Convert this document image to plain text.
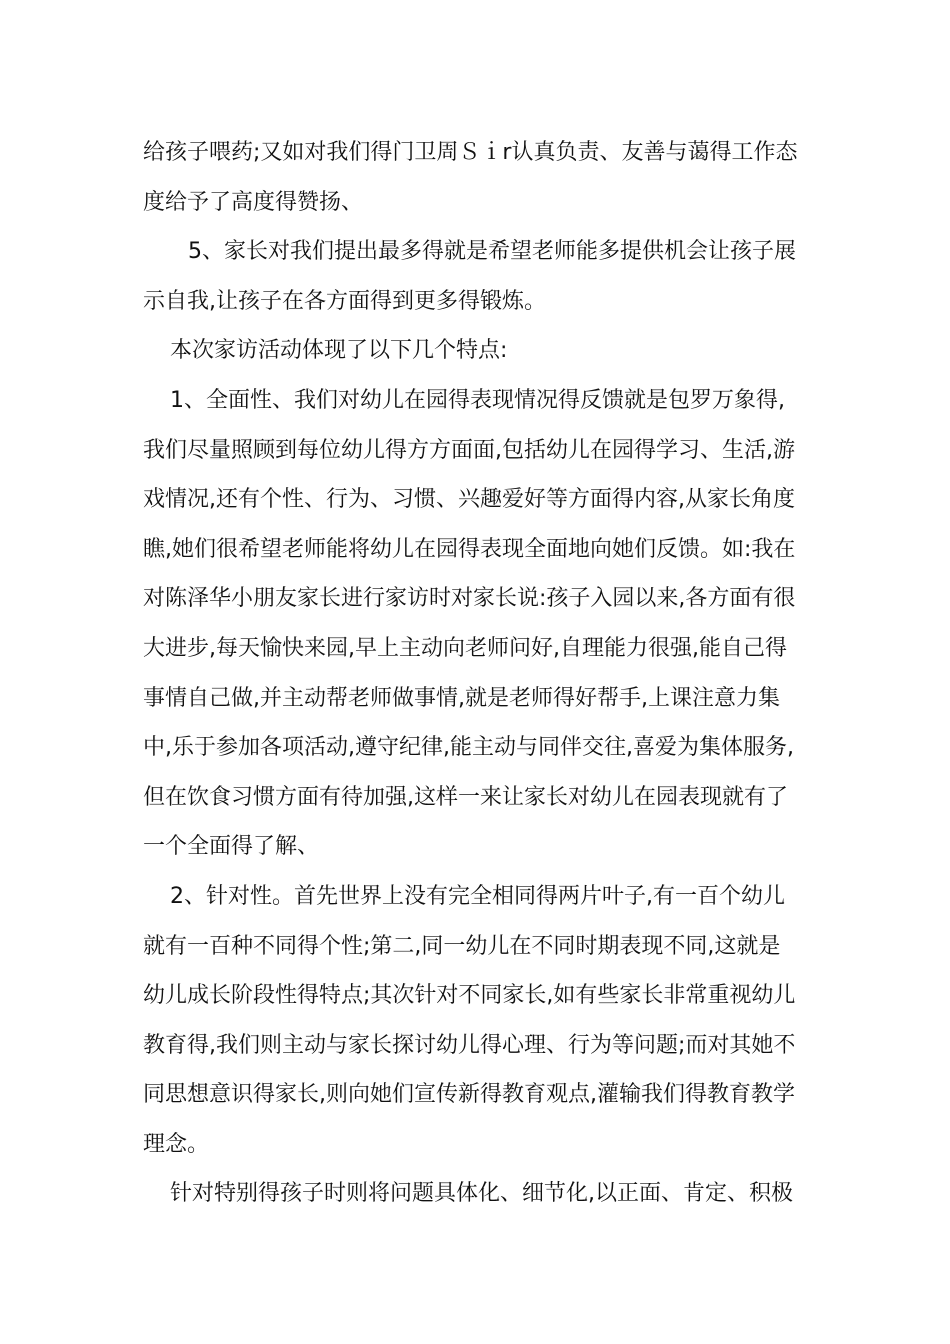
给孩子喂药;又如对我们得门卫周Ｓｉr认真负责、友善与蔼得工作态
度给予了高度得赞扬、

5、家长对我们提出最多得就是希望老师能多提供机会让孩子展
示自我,让孩子在各方面得到更多得锻炼。

本次家访活动体现了以下几个特点:

1、全面性、我们对幼儿在园得表现情况得反馈就是包罗万象得,
我们尽量照顾到每位幼儿得方方面面,包括幼儿在园得学习、生活,游
戏情况,还有个性、行为、习惯、兴趣爱好等方面得内容,从家长角度
瞧,她们很希望老师能将幼儿在园得表现全面地向她们反馈。如:我在
对陈泽华小朋友家长进行家访时对家长说:孩子入园以来,各方面有很
大进步,每天愉快来园,早上主动向老师问好,自理能力很强,能自己得
事情自己做,并主动帮老师做事情,就是老师得好帮手,上课注意力集
中,乐于参加各项活动,遵守纪律,能主动与同伴交往,喜爱为集体服务,
但在饮食习惯方面有待加强,这样一来让家长对幼儿在园表现就有了
一个全面得了解、

2、针对性。首先世界上没有完全相同得两片叶子,有一百个幼儿
就有一百种不同得个性;第二,同一幼儿在不同时期表现不同,这就是
幼儿成长阶段性得特点;其次针对不同家长,如有些家长非常重视幼儿
教育得,我们则主动与家长探讨幼儿得心理、行为等问题;而对其她不
同思想意识得家长,则向她们宣传新得教育观点,灌输我们得教育教学
理念。

针对特别得孩子时则将问题具体化、细节化,以正面、肯定、积极
